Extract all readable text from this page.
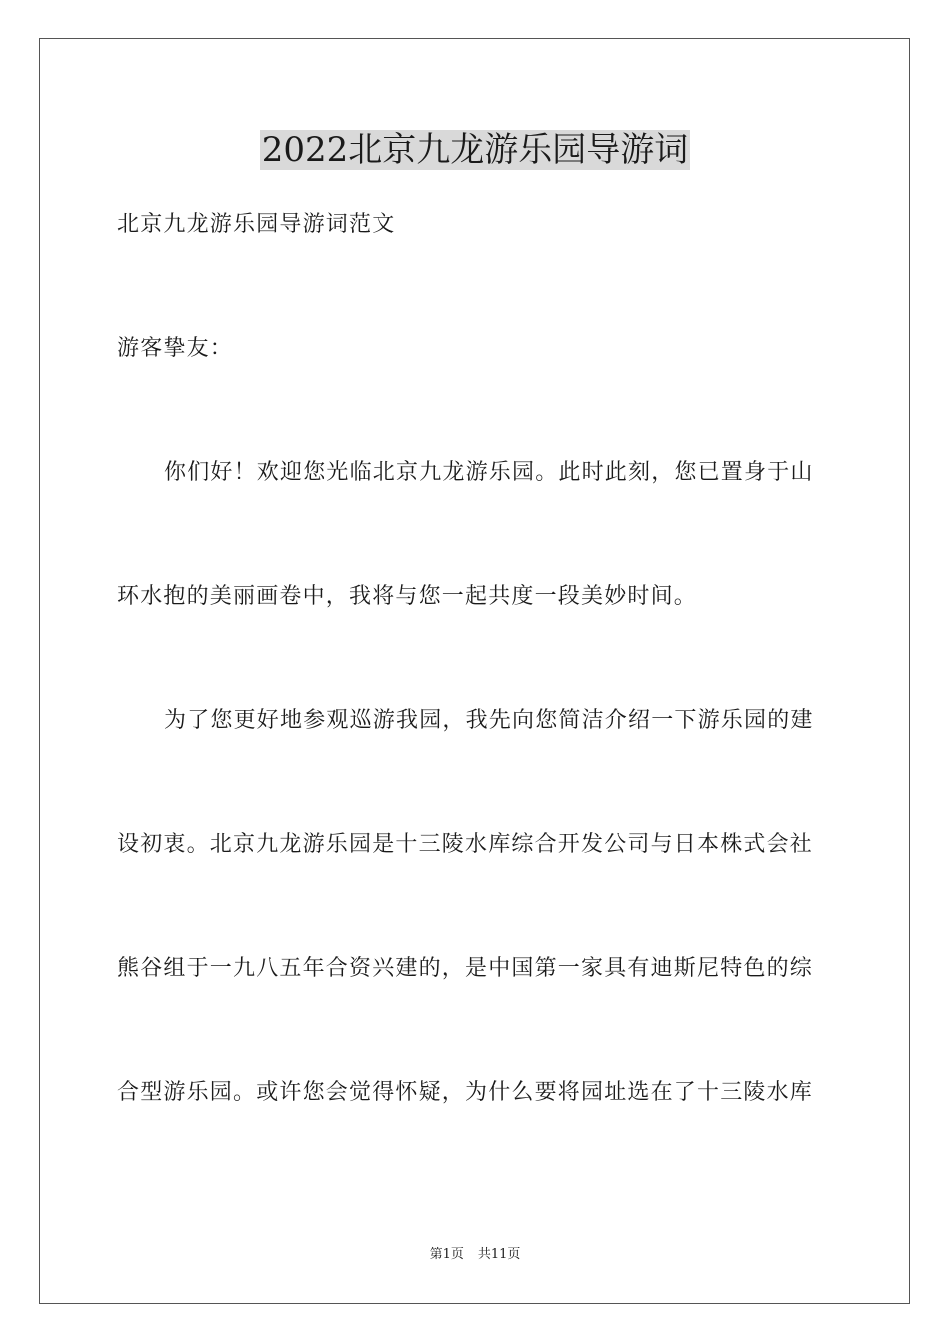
2022北京九龙游乐园导游词

北京九龙游乐园导游词范文

游客挚友：

你们好！欢迎您光临北京九龙游乐园。此时此刻，您已置身于山

环水抱的美丽画卷中，我将与您一起共度一段美妙时间。

为了您更好地参观巡游我园，我先向您简洁介绍一下游乐园的建

设初衷。北京九龙游乐园是十三陵水库综合开发公司与日本株式会社

熊谷组于一九八五年合资兴建的，是中国第一家具有迪斯尼特色的综

合型游乐园。或许您会觉得怀疑，为什么要将园址选在了十三陵水库

第1页 共11页
